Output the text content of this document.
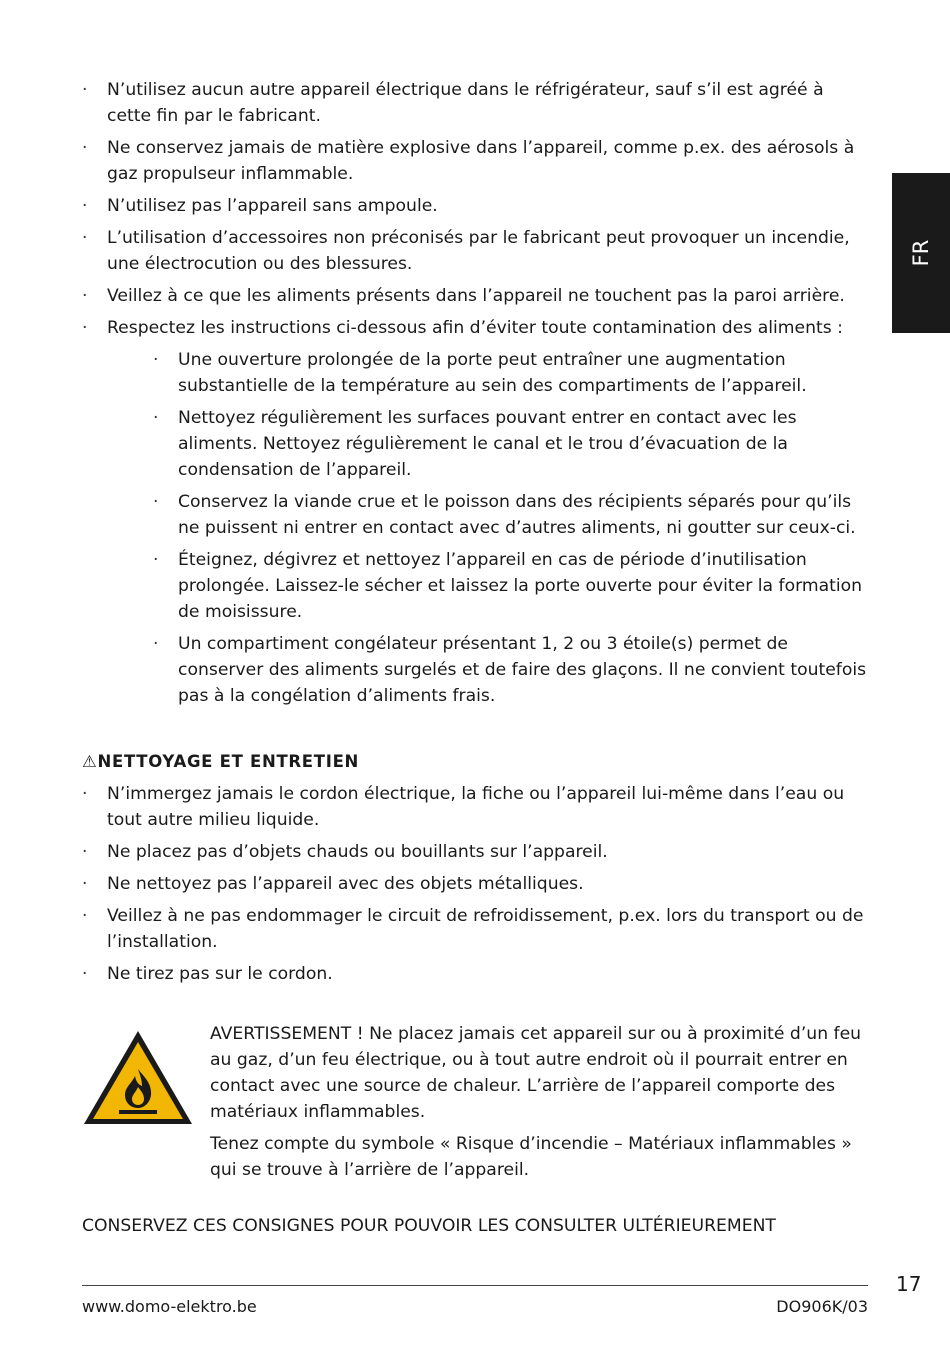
FR
· N’utilisez aucun autre appareil électrique dans le réfrigérateur, sauf s’il est agréé à cette fin par le fabricant.
· Ne conservez jamais de matière explosive dans l’appareil, comme p.ex. des aérosols à gaz propulseur inflammable.
· N’utilisez pas l’appareil sans ampoule.
· L’utilisation d’accessoires non préconisés par le fabricant peut provoquer un incendie, une électrocution ou des blessures.
· Veillez à ce que les aliments présents dans l’appareil ne touchent pas la paroi arrière.
· Respectez les instructions ci-dessous afin d’éviter toute contamination des aliments :
· Une ouverture prolongée de la porte peut entraîner une augmentation substantielle de la température au sein des compartiments de l’appareil.
· Nettoyez régulièrement les surfaces pouvant entrer en contact avec les aliments. Nettoyez régulièrement le canal et le trou d’évacuation de la condensation de l’appareil.
· Conservez la viande crue et le poisson dans des récipients séparés pour qu’ils ne puissent ni entrer en contact avec d’autres aliments, ni goutter sur ceux-ci.
· Éteignez, dégivrez et nettoyez l’appareil en cas de période d’inutilisation prolongée. Laissez-le sécher et laissez la porte ouverte pour éviter la formation de moisissure.
· Un compartiment congélateur présentant 1, 2 ou 3 étoile(s) permet de conserver des aliments surgelés et de faire des glaçons. Il ne convient toutefois pas à la congélation d’aliments frais.
⚠NETTOYAGE ET ENTRETIEN
· N’immergez jamais le cordon électrique, la fiche ou l’appareil lui-même dans l’eau ou tout autre milieu liquide.
· Ne placez pas d’objets chauds ou bouillants sur l’appareil.
· Ne nettoyez pas l’appareil avec des objets métalliques.
· Veillez à ne pas endommager le circuit de refroidissement, p.ex. lors du transport ou de l’installation.
· Ne tirez pas sur le cordon.

AVERTISSEMENT ! Ne placez jamais cet appareil sur ou à proximité d’un feu au gaz, d’un feu électrique, ou à tout autre endroit où il pourrait entrer en contact avec une source de chaleur. L’arrière de l’appareil comporte des matériaux inflammables.

Tenez compte du symbole « Risque d’incendie – Matériaux inflammables » qui se trouve à l’arrière de l’appareil.

CONSERVEZ CES CONSIGNES POUR POUVOIR LES CONSULTER ULTÉRIEUREMENT
17
www.domo-elektro.be	DO906K/03
